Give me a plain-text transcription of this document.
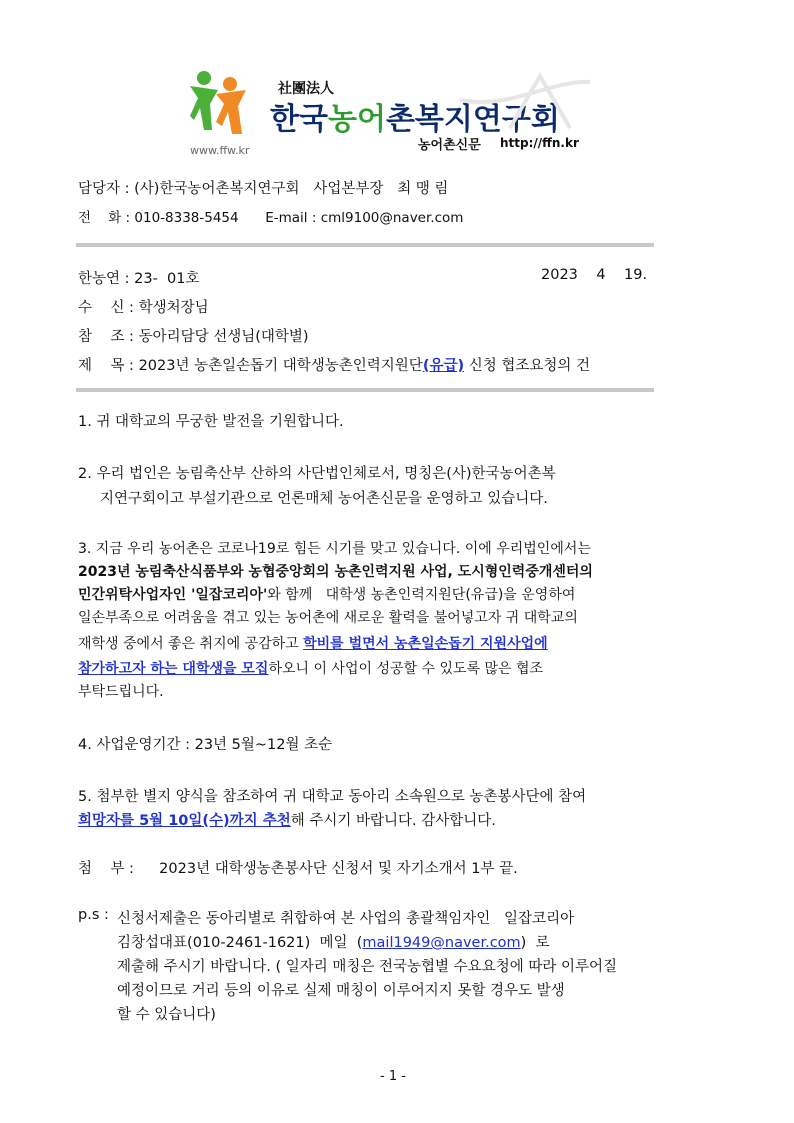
www.ffw.kr
社團法人
한국농어촌복지연구회
농어촌신문 http://ffn.kr
담당자 : (사)한국농어촌복지연구회   사업본부장   최 맹 림
전    화 : 010-8338-5454 E-mail : cml9100@naver.com
한농연 : 23-  01호	2023    4    19.
수    신 : 학생처장님
참    조 : 동아리담당 선생님(대학별)
제    목 : 2023년 농촌일손돕기 대학생농촌인력지원단(유급) 신청 협조요청의 건
1. 귀 대학교의 무궁한 발전을 기원합니다.
2. 우리 법인은 농림축산부 산하의 사단법인체로서, 명칭은(사)한국농어촌복
지연구회이고 부설기관으로 언론매체 농어촌신문을 운영하고 있습니다.
3. 지금 우리 농어촌은 코로나19로 힘든 시기를 맞고 있습니다. 이에 우리법인에서는
2023년 농림축산식품부와 농협중앙회의 농촌인력지원 사업, 도시형인력중개센터의
민간위탁사업자인 '일잡코리아'와 함께   대학생 농촌인력지원단(유급)을 운영하여
일손부족으로 어려움을 겪고 있는 농어촌에 새로운 활력을 불어넣고자 귀 대학교의
재학생 중에서 좋은 취지에 공감하고 학비를 벌면서 농촌일손돕기 지원사업에
참가하고자 하는 대학생을 모집하오니 이 사업이 성공할 수 있도록 많은 협조
부탁드립니다.
4. 사업운영기간 : 23년 5월~12월 초순
5. 첨부한 별지 양식을 참조하여 귀 대학교 동아리 소속원으로 농촌봉사단에 참여
희망자를 5월 10일(수)까지 추천해 주시기 바랍니다. 감사합니다.
첨    부 : 2023년 대학생농촌봉사단 신청서 및 자기소개서 1부 끝.
p.s : 신청서제출은 동아리별로 취합하여 본 사업의 총괄책임자인   일잡코리아
김창섭대표(010-2461-1621)  메일  (mail1949@naver.com)  로
제출해 주시기 바랍니다. ( 일자리 매칭은 전국농협별 수요요청에 따라 이루어질
예정이므로 거리 등의 이유로 실제 매칭이 이루어지지 못할 경우도 발생
할 수 있습니다)
- 1 -
